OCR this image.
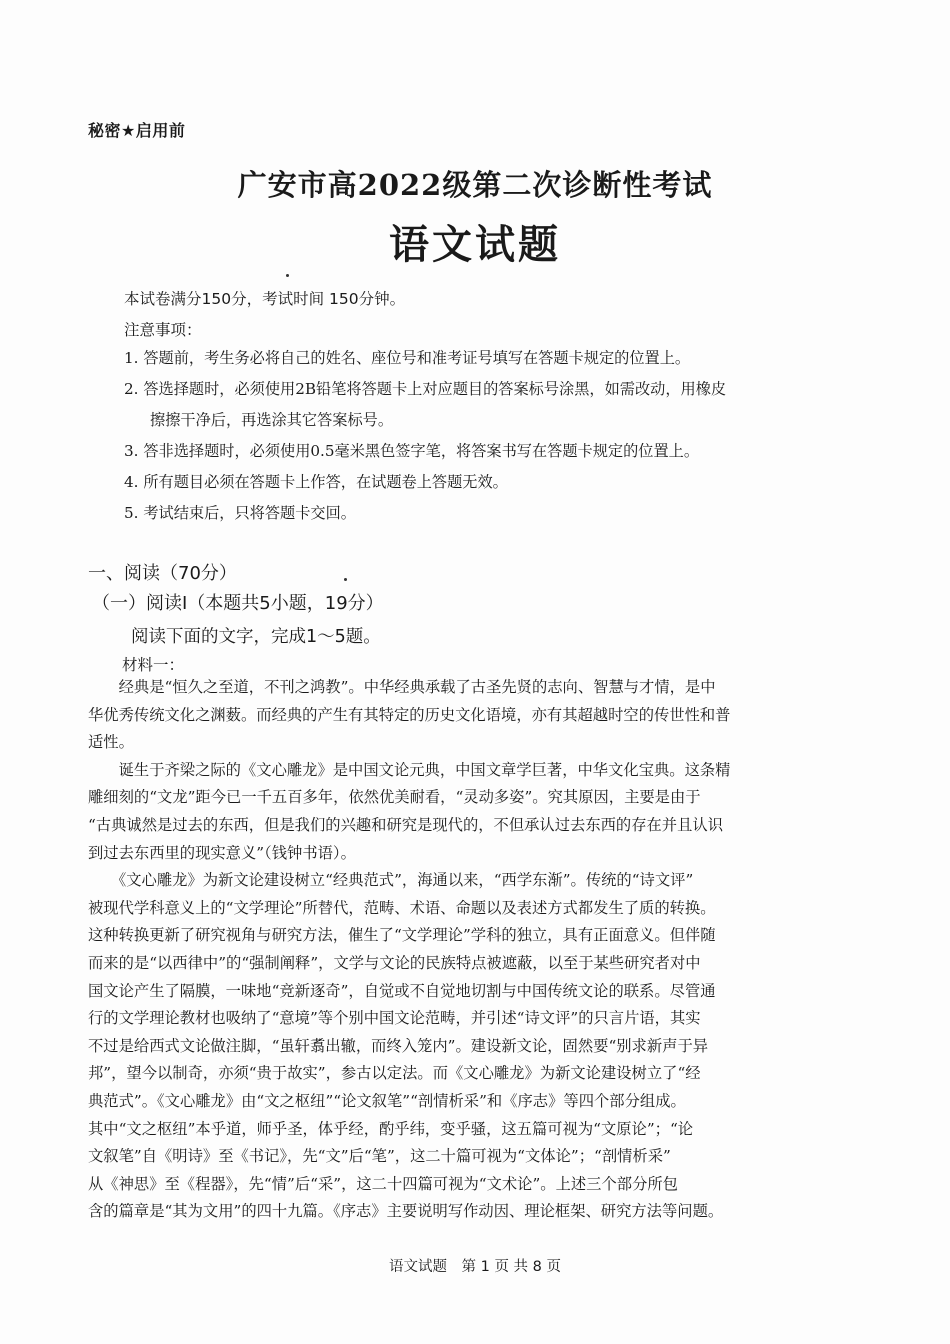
秘密★启用前
广安市高2022级第二次诊断性考试
语文试题
本试卷满分150分，考试时间 150分钟。
注意事项：
1. 答题前，考生务必将自己的姓名、座位号和准考证号填写在答题卡规定的位置上。
2. 答选择题时，必须使用2B铅笔将答题卡上对应题目的答案标号涂黑，如需改动，用橡皮
擦擦干净后，再选涂其它答案标号。
3. 答非选择题时，必须使用0.5毫米黑色签字笔，将答案书写在答题卡规定的位置上。
4. 所有题目必须在答题卡上作答，在试题卷上答题无效。
5. 考试结束后，只将答题卡交回。
一、阅读（70分）
（一）阅读Ⅰ（本题共5小题，19分）
阅读下面的文字，完成1～5题。
材料一：
　　经典是“恒久之至道，不刊之鸿教”。中华经典承载了古圣先贤的志向、智慧与才情，是中
华优秀传统文化之渊薮。而经典的产生有其特定的历史文化语境，亦有其超越时空的传世性和普
适性。
　　诞生于齐梁之际的《文心雕龙》是中国文论元典，中国文章学巨著，中华文化宝典。这条精
雕细刻的“文龙”距今已一千五百多年，依然优美耐看，“灵动多姿”。究其原因，主要是由于
“古典诚然是过去的东西，但是我们的兴趣和研究是现代的，不但承认过去东西的存在并且认识
到过去东西里的现实意义”（钱钟书语）。
　　《文心雕龙》为新文论建设树立“经典范式”，海通以来，“西学东渐”。传统的“诗文评”
被现代学科意义上的“文学理论”所替代，范畴、术语、命题以及表述方式都发生了质的转换。
这种转换更新了研究视角与研究方法，催生了“文学理论”学科的独立，具有正面意义。但伴随
而来的是“以西律中”的“强制阐释”，文学与文论的民族特点被遮蔽，以至于某些研究者对中
国文论产生了隔膜，一味地“竞新逐奇”，自觉或不自觉地切割与中国传统文论的联系。尽管通
行的文学理论教材也吸纳了“意境”等个别中国文论范畴，并引述“诗文评”的只言片语，其实
不过是给西式文论做注脚，“虽轩翥出辙，而终入笼内”。建设新文论，固然要“别求新声于异
邦”，望今以制奇，亦须“贵于故实”，参古以定法。而《文心雕龙》为新文论建设树立了“经
典范式”。《文心雕龙》由“文之枢纽”“论文叙笔”“剖情析采”和《序志》等四个部分组成。
其中“文之枢纽”本乎道，师乎圣，体乎经，酌乎纬，变乎骚，这五篇可视为“文原论”；“论
文叙笔”自《明诗》至《书记》，先“文”后“笔”，这二十篇可视为“文体论”；“剖情析采”
从《神思》至《程器》，先“情”后“采”，这二十四篇可视为“文术论”。上述三个部分所包
含的篇章是“其为文用”的四十九篇。《序志》主要说明写作动因、理论框架、研究方法等问题。
语文试题　第 1 页 共 8 页
